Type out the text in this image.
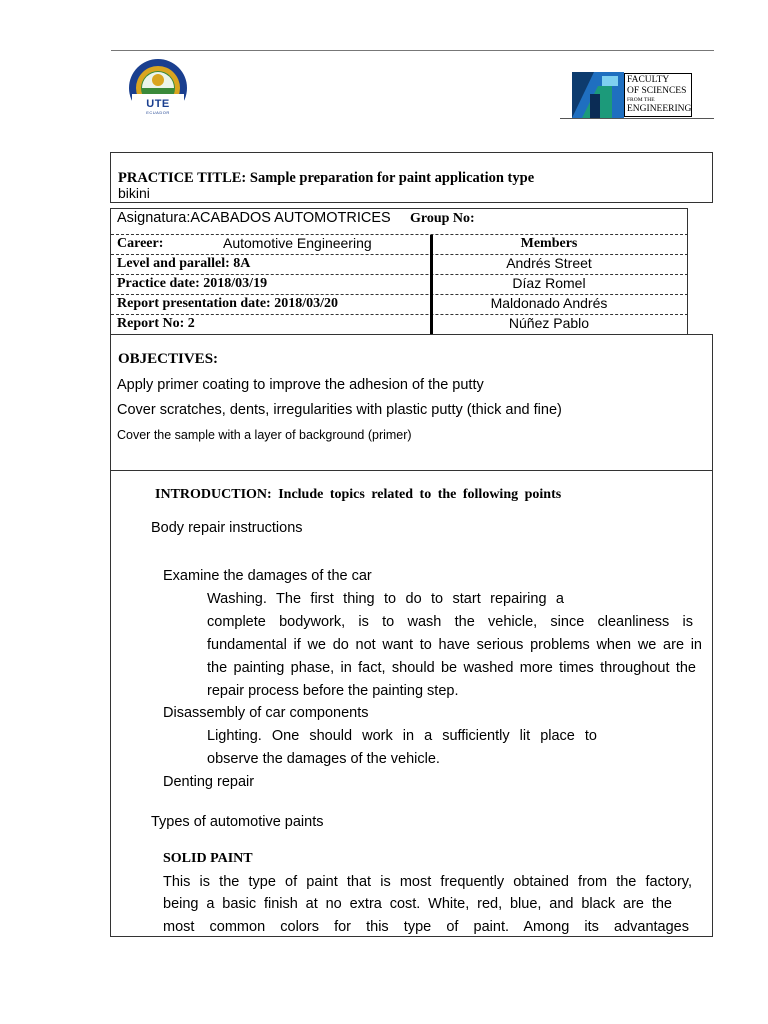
UTE
ECUADOR
FACULTY
OF SCIENCES
FROM THE
ENGINEERING
PRACTICE TITLE: Sample preparation for paint application type
bikini
Asignatura:ACABADOS AUTOMOTRICES Group No:
Career:	Automotive Engineering	Members
Level and parallel: 8A
Practice date: 2018/03/19
Report presentation date: 2018/03/20
Report No: 2
Andrés Street
Díaz Romel
Maldonado Andrés
Núñez Pablo
OBJECTIVES:
Apply primer coating to improve the adhesion of the putty
Cover scratches, dents, irregularities with plastic putty (thick and fine)
Cover the sample with a layer of background (primer)
INTRODUCTION: Include topics related to the following points
Body repair instructions
Examine the damages of the car
Washing. The first thing to do to start repairing a
complete bodywork, is to wash the vehicle, since cleanliness is
fundamental if we do not want to have serious problems when we are in
the painting phase, in fact, should be washed more times throughout the
repair process before the painting step.
Disassembly of car components
Lighting. One should work in a sufficiently lit place to
observe the damages of the vehicle.
Denting repair
Types of automotive paints
SOLID PAINT
This is the type of paint that is most frequently obtained from the factory,
being a basic finish at no extra cost. White, red, blue, and black are the
most common colors for this type of paint. Among its advantages
